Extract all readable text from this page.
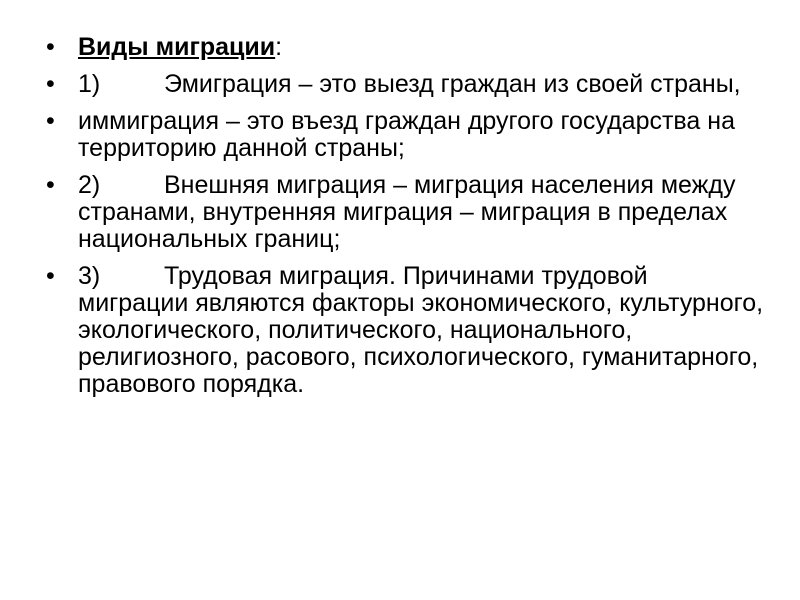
• Виды миграции:
• 1)	Эмиграция – это выезд граждан из своей страны,
• иммиграция – это въезд граждан другого государства на территорию данной страны;
• 2)	Внешняя миграция – миграция населения между странами, внутренняя миграция – миграция в пределах национальных границ;
• 3)	Трудовая миграция. Причинами трудовой миграции являются факторы экономического, культурного, экологического, политического, национального, религиозного, расового, психологического, гуманитарного, правового порядка.
